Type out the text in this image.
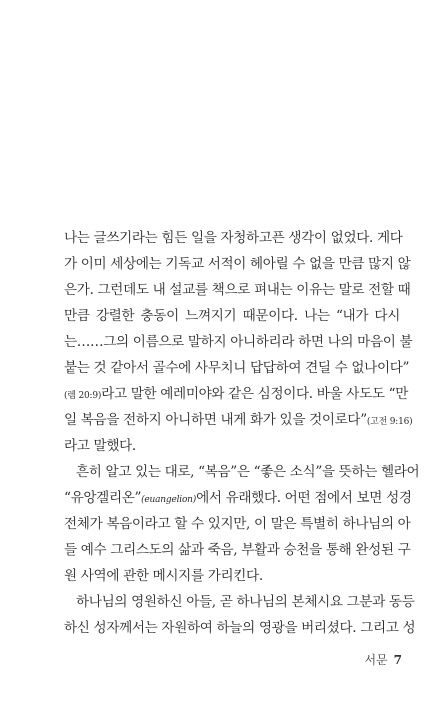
나는 글쓰기라는 힘든 일을 자청하고픈 생각이 없었다. 게다
가 이미 세상에는 기독교 서적이 헤아릴 수 없을 만큼 많지 않
은가. 그런데도 내 설교를 책으로 펴내는 이유는 말로 전할 때
만큼 강렬한 충동이 느껴지기 때문이다. 나는 “내가 다시
는……그의 이름으로 말하지 아니하리라 하면 나의 마음이 불
붙는 것 같아서 골수에 사무치니 답답하여 견딜 수 없나이다”
(렘 20:9)라고 말한 예레미야와 같은 심정이다. 바울 사도도 “만
일 복음을 전하지 아니하면 내게 화가 있을 것이로다”(고전 9:16)
라고 말했다.
흔히 알고 있는 대로, “복음”은 “좋은 소식”을 뜻하는 헬라어
“유앙겔리온”(euangelion)에서 유래했다. 어떤 점에서 보면 성경
전체가 복음이라고 할 수 있지만, 이 말은 특별히 하나님의 아
들 예수 그리스도의 삶과 죽음, 부활과 승천을 통해 완성된 구
원 사역에 관한 메시지를 가리킨다.
하나님의 영원하신 아들, 곧 하나님의 본체시요 그분과 동등
하신 성자께서는 자원하여 하늘의 영광을 버리셨다. 그리고 성
서문 7
